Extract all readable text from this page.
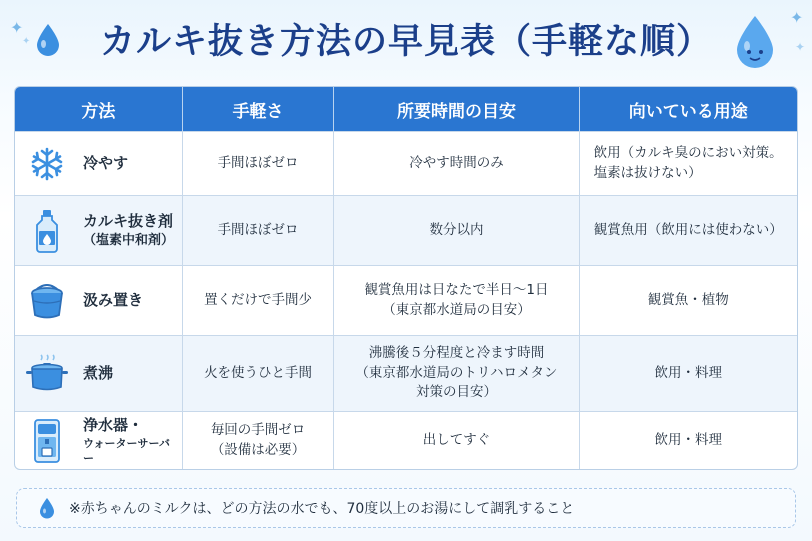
✦
✦	カルキ抜き方法の早見表（手軽な順）
✦
✦
方法	手軽さ	所要時間の目安	向いている用途

冷やす	手間ほぼゼロ	冷やす時間のみ	飲用（カルキ臭のにおい対策。
塩素は抜けない）

カルキ抜き剤
（塩素中和剤）	手間ほぼゼロ	数分以内	観賞魚用（飲用には使わない）

汲み置き	置くだけで手間少	観賞魚用は日なたで半日〜1日
（東京都水道局の目安）	観賞魚・植物

煮沸	火を使うひと手間	沸騰後５分程度と冷ます時間
（東京都水道局のトリハロメタン
対策の目安）	飲用・料理

浄水器・
ウォーターサーバー	毎回の手間ゼロ
（設備は必要）	出してすぐ	飲用・料理
※赤ちゃんのミルクは、どの方法の水でも、70度以上のお湯にして調乳すること
